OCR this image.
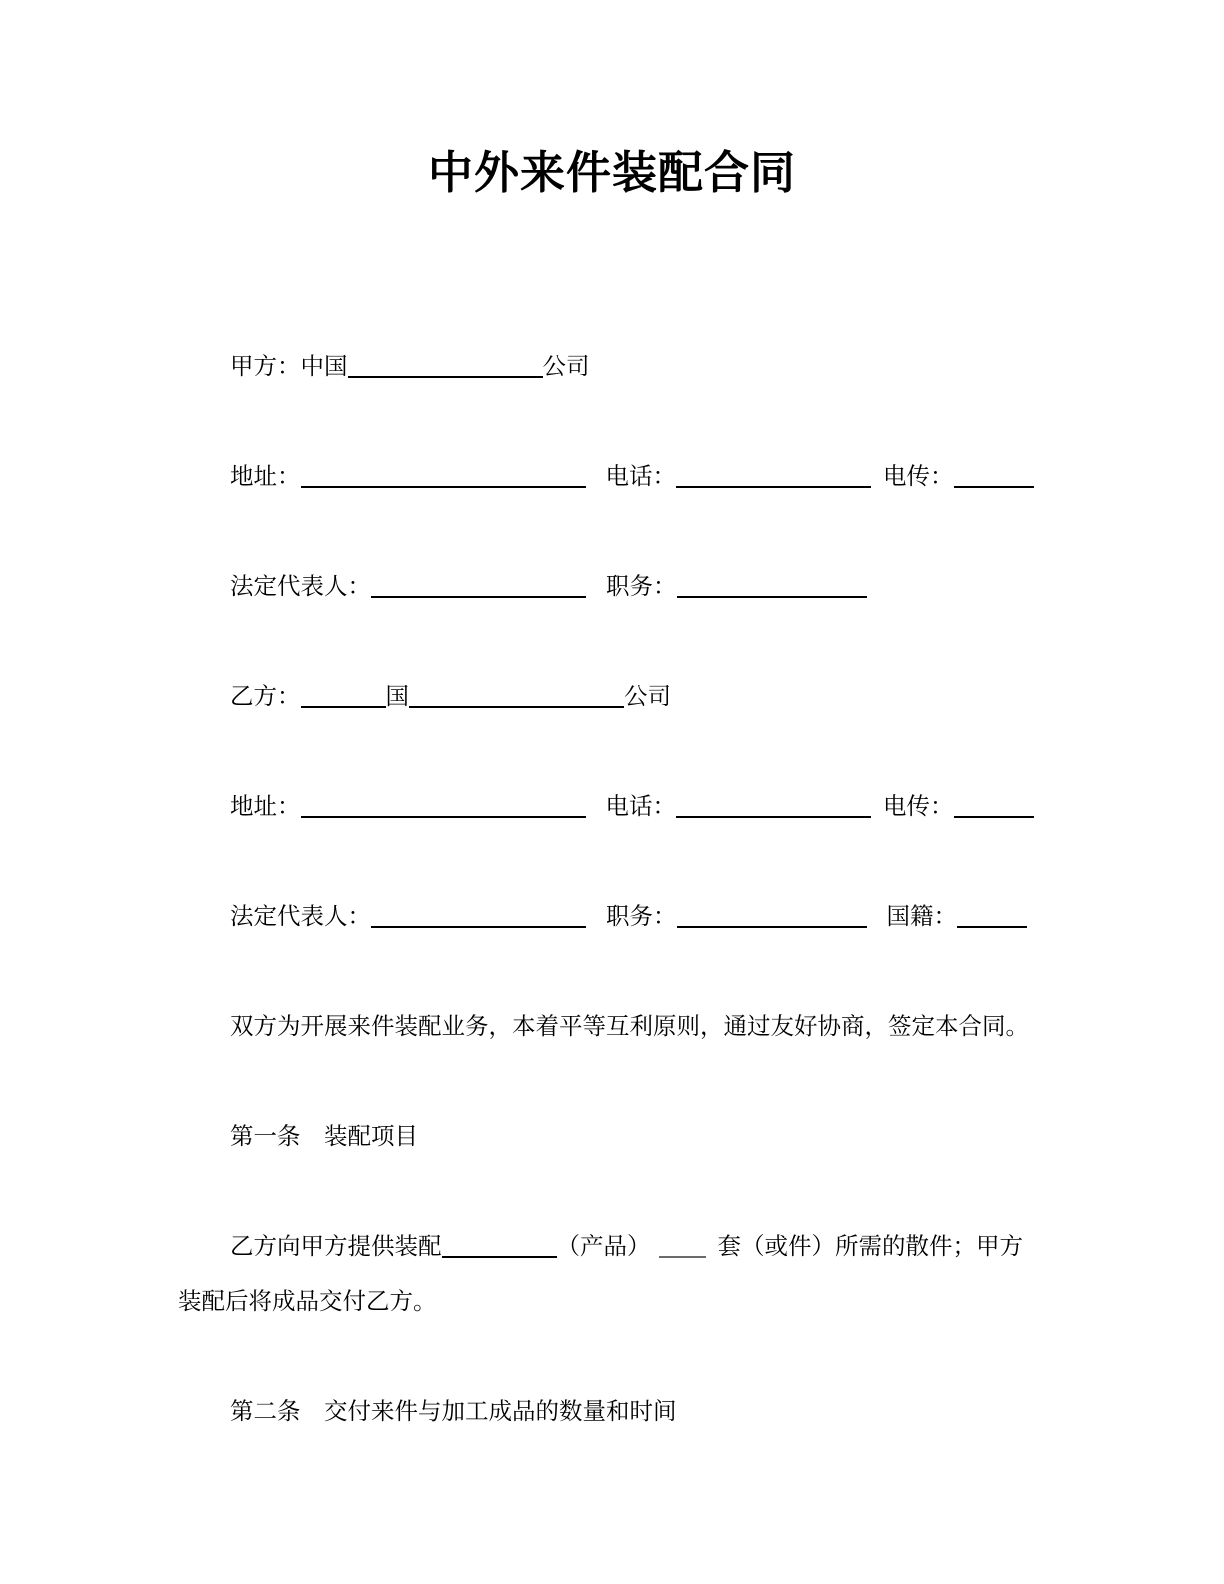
中外来件装配合同

甲方：中国	公司

地址：	电话：	电传：

法定代表人：	职务：

乙方：	国	公司

地址：	电话：	电传：

法定代表人：	职务：	国籍：

双方为开展来件装配业务，本着平等互利原则，通过友好协商，签定本合同。

第一条　装配项目

乙方向甲方提供装配	（产品）	套（或件）所需的散件；甲方
装配后将成品交付乙方。

第二条　交付来件与加工成品的数量和时间
